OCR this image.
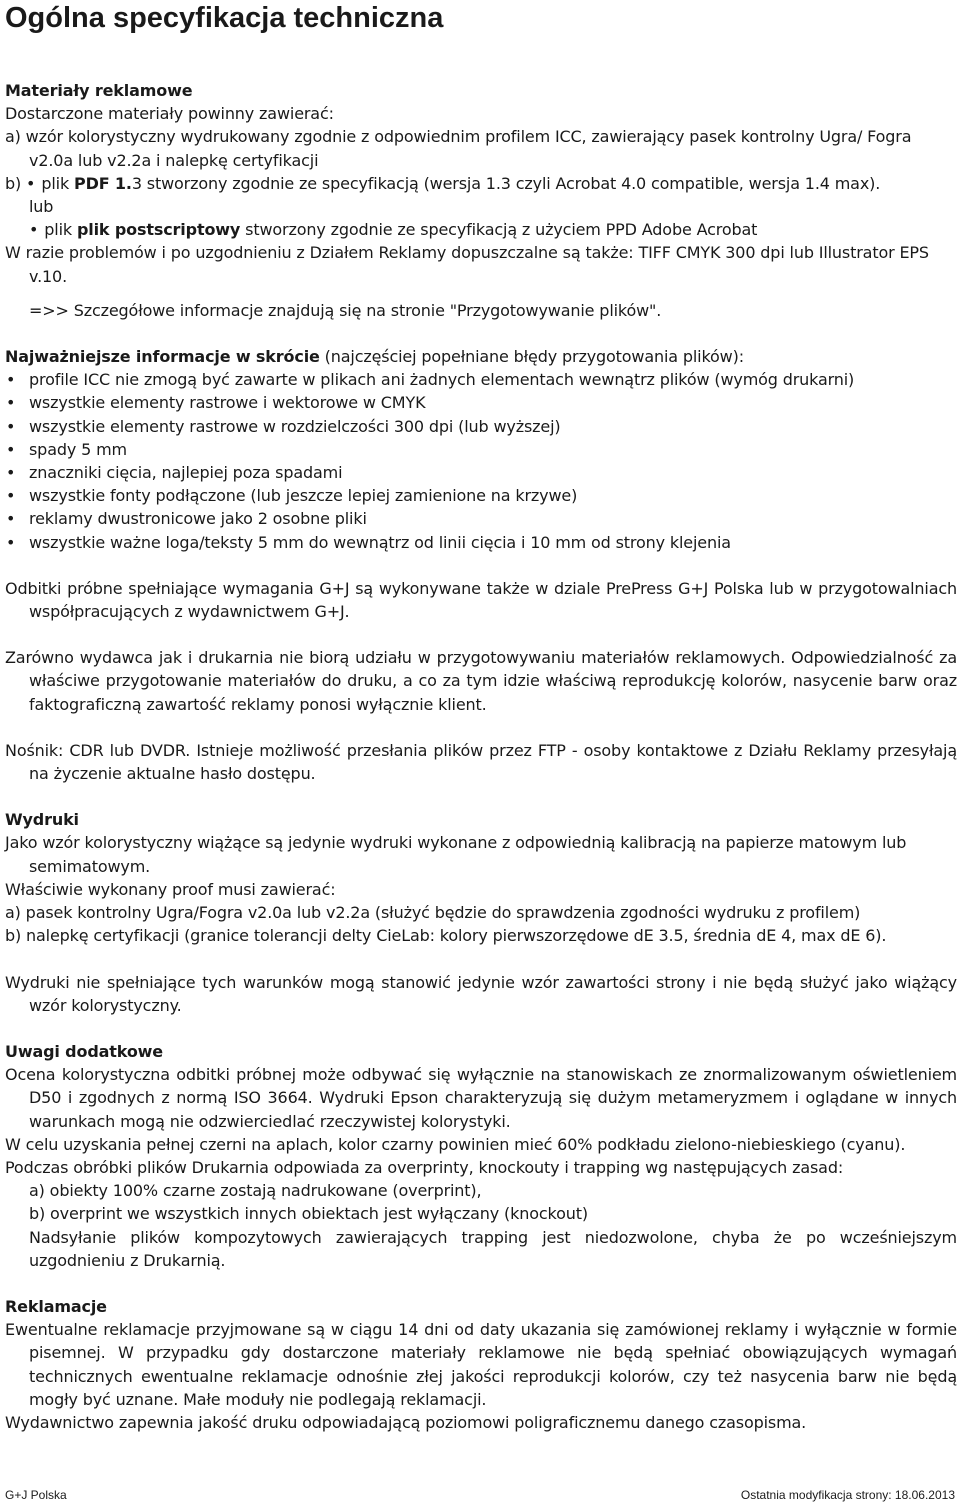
Ogólna specyfikacja techniczna

Materiały reklamowe

Dostarczone materiały powinny zawierać:

a) wzór kolorystyczny wydrukowany zgodnie z odpowiednim profilem ICC, zawierający pasek kontrolny Ugra/ Fogra v2.0a lub v2.2a i nalepkę certyfikacji

b) • plik PDF 1.3 stworzony zgodnie ze specyfikacją (wersja 1.3 czyli Acrobat 4.0 compatible, wersja 1.4 max).

lub

• plik plik postscriptowy stworzony zgodnie ze specyfikacją z użyciem PPD Adobe Acrobat

W razie problemów i po uzgodnieniu z Działem Reklamy dopuszczalne są także: TIFF CMYK 300 dpi lub Illustrator EPS v.10.

=>> Szczegółowe informacje znajdują się na stronie "Przygotowywanie plików".

Najważniejsze informacje w skrócie (najczęściej popełniane błędy przygotowania plików):

• profile ICC nie zmogą być zawarte w plikach ani żadnych elementach wewnątrz plików (wymóg drukarni)
• wszystkie elementy rastrowe i wektorowe w CMYK
• wszystkie elementy rastrowe w rozdzielczości 300 dpi (lub wyższej)
• spady 5 mm
• znaczniki cięcia, najlepiej poza spadami
• wszystkie fonty podłączone (lub jeszcze lepiej zamienione na krzywe)
• reklamy dwustronicowe jako 2 osobne pliki
• wszystkie ważne loga/teksty 5 mm do wewnątrz od linii cięcia i 10 mm od strony klejenia

Odbitki próbne spełniające wymagania G+J są wykonywane także w dziale PrePress G+J Polska lub w przygotowalniach współpracujących z wydawnictwem G+J.

Zarówno wydawca jak i drukarnia nie biorą udziału w przygotowywaniu materiałów reklamowych. Odpowiedzialność za właściwe przygotowanie materiałów do druku, a co za tym idzie właściwą reprodukcję kolorów, nasycenie barw oraz faktograficzną zawartość reklamy ponosi wyłącznie klient.

Nośnik: CDR lub DVDR. Istnieje możliwość przesłania plików przez FTP - osoby kontaktowe z Działu Reklamy przesyłają na życzenie aktualne hasło dostępu.

Wydruki

Jako wzór kolorystyczny wiążące są jedynie wydruki wykonane z odpowiednią kalibracją na papierze matowym lub semimatowym.

Właściwie wykonany proof musi zawierać:

a) pasek kontrolny Ugra/Fogra v2.0a lub v2.2a (służyć będzie do sprawdzenia zgodności wydruku z profilem)

b) nalepkę certyfikacji (granice tolerancji delty CieLab: kolory pierwszorzędowe dE 3.5, średnia dE 4, max dE 6).

Wydruki nie spełniające tych warunków mogą stanowić jedynie wzór zawartości strony i nie będą służyć jako wiążący wzór kolorystyczny.

Uwagi dodatkowe

Ocena kolorystyczna odbitki próbnej może odbywać się wyłącznie na stanowiskach ze znormalizowanym oświetleniem D50 i zgodnych z normą ISO 3664. Wydruki Epson charakteryzują się dużym metameryzmem i oglądane w innych warunkach mogą nie odzwierciedlać rzeczywistej kolorystyki.

W celu uzyskania pełnej czerni na aplach, kolor czarny powinien mieć 60% podkładu zielono-niebieskiego (cyanu).

Podczas obróbki plików Drukarnia odpowiada za overprinty, knockouty i trapping wg następujących zasad:

a) obiekty 100% czarne zostają nadrukowane (overprint),

b) overprint we wszystkich innych obiektach jest wyłączany (knockout)

Nadsyłanie plików kompozytowych zawierających trapping jest niedozwolone, chyba że po wcześniejszym uzgodnieniu z Drukarnią.

Reklamacje

Ewentualne reklamacje przyjmowane są w ciągu 14 dni od daty ukazania się zamówionej reklamy i wyłącznie w formie pisemnej. W przypadku gdy dostarczone materiały reklamowe nie będą spełniać obowiązujących wymagań technicznych ewentualne reklamacje odnośnie złej jakości reprodukcji kolorów, czy też nasycenia barw nie będą mogły być uznane. Małe moduły nie podlegają reklamacji.

Wydawnictwo zapewnia jakość druku odpowiadającą poziomowi poligraficznemu danego czasopisma.

G+J Polska	Ostatnia modyfikacja strony: 18.06.2013
